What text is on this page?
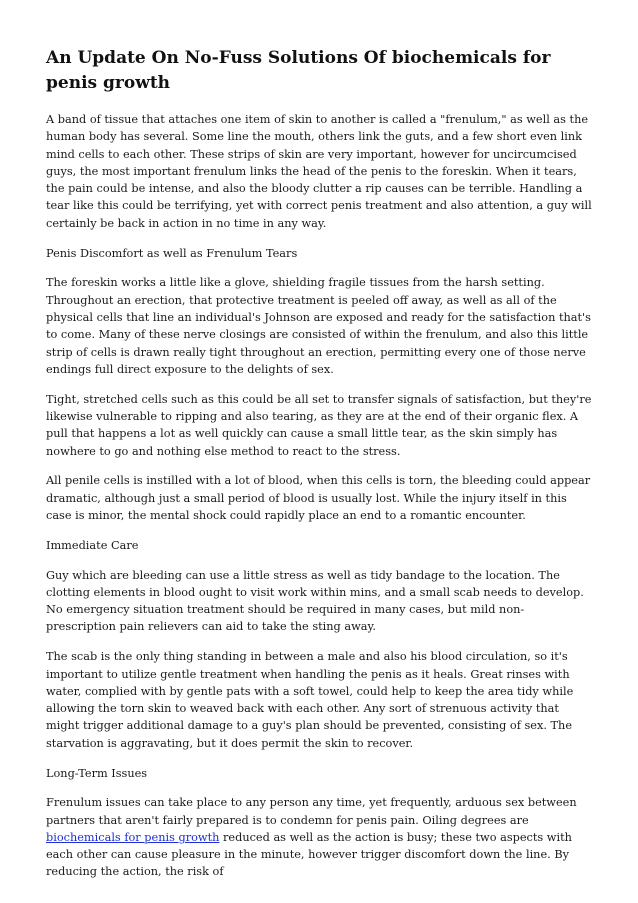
An Update On No-Fuss Solutions Of biochemicals for penis growth

A band of tissue that attaches one item of skin to another is called a "frenulum," as well as the human body has several. Some line the mouth, others link the guts, and a few short even link mind cells to each other. These strips of skin are very important, however for uncircumcised guys, the most important frenulum links the head of the penis to the foreskin. When it tears, the pain could be intense, and also the bloody clutter a rip causes can be terrible. Handling a tear like this could be terrifying, yet with correct penis treatment and also attention, a guy will certainly be back in action in no time in any way.

Penis Discomfort as well as Frenulum Tears

The foreskin works a little like a glove, shielding fragile tissues from the harsh setting. Throughout an erection, that protective treatment is peeled off away, as well as all of the physical cells that line an individual's Johnson are exposed and ready for the satisfaction that's to come. Many of these nerve closings are consisted of within the frenulum, and also this little strip of cells is drawn really tight throughout an erection, permitting every one of those nerve endings full direct exposure to the delights of sex.

Tight, stretched cells such as this could be all set to transfer signals of satisfaction, but they're likewise vulnerable to ripping and also tearing, as they are at the end of their organic flex. A pull that happens a lot as well quickly can cause a small little tear, as the skin simply has nowhere to go and nothing else method to react to the stress.

All penile cells is instilled with a lot of blood, when this cells is torn, the bleeding could appear dramatic, although just a small period of blood is usually lost. While the injury itself in this case is minor, the mental shock could rapidly place an end to a romantic encounter.

Immediate Care

Guy which are bleeding can use a little stress as well as tidy bandage to the location. The clotting elements in blood ought to visit work within mins, and a small scab needs to develop. No emergency situation treatment should be required in many cases, but mild non-prescription pain relievers can aid to take the sting away.

The scab is the only thing standing in between a male and also his blood circulation, so it's important to utilize gentle treatment when handling the penis as it heals. Great rinses with water, complied with by gentle pats with a soft towel, could help to keep the area tidy while allowing the torn skin to weaved back with each other. Any sort of strenuous activity that might trigger additional damage to a guy's plan should be prevented, consisting of sex. The starvation is aggravating, but it does permit the skin to recover.

Long-Term Issues

Frenulum issues can take place to any person any time, yet frequently, arduous sex between partners that aren't fairly prepared is to condemn for penis pain. Oiling degrees are biochemicals for penis growth reduced as well as the action is busy; these two aspects with each other can cause pleasure in the minute, however trigger discomfort down the line. By reducing the action, the risk of
